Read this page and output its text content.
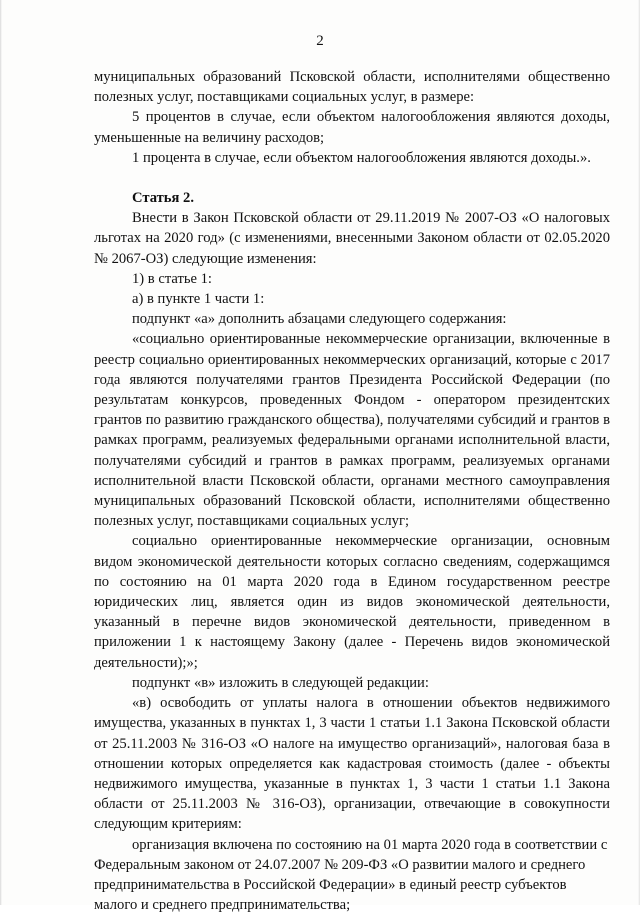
2

муниципальных образований Псковской области, исполнителями общественно полезных услуг, поставщиками социальных услуг, в размере:

5 процентов в случае, если объектом налогообложения являются доходы, уменьшенные на величину расходов;

1 процента в случае, если объектом налогообложения являются доходы.».

Статья 2.

Внести в Закон Псковской области от 29.11.2019 № 2007-ОЗ «О налоговых льготах на 2020 год» (с изменениями, внесенными Законом области от 02.05.2020 № 2067-ОЗ) следующие изменения:

1) в статье 1:

а) в пункте 1 части 1:

подпункт «а» дополнить абзацами следующего содержания:

«социально ориентированные некоммерческие организации, включенные в реестр социально ориентированных некоммерческих организаций, которые с 2017 года являются получателями грантов Президента Российской Федерации (по результатам конкурсов, проведенных Фондом - оператором президентских грантов по развитию гражданского общества), получателями субсидий и грантов в рамках программ, реализуемых федеральными органами исполнительной власти, получателями субсидий и грантов в рамках программ, реализуемых органами исполнительной власти Псковской области, органами местного самоуправления муниципальных образований Псковской области, исполнителями общественно полезных услуг, поставщиками социальных услуг;

социально ориентированные некоммерческие организации, основным видом экономической деятельности которых согласно сведениям, содержащимся по состоянию на 01 марта 2020 года в Едином государственном реестре юридических лиц, является один из видов экономической деятельности, указанный в перечне видов экономической деятельности, приведенном в приложении 1 к настоящему Закону (далее - Перечень видов экономической деятельности);»;

подпункт «в» изложить в следующей редакции:

«в) освободить от уплаты налога в отношении объектов недвижимого имущества, указанных в пунктах 1, 3 части 1 статьи 1.1 Закона Псковской области от 25.11.2003 № 316-ОЗ «О налоге на имущество организаций», налоговая база в отношении которых определяется как кадастровая стоимость (далее - объекты недвижимого имущества, указанные в пунктах 1, 3 части 1 статьи 1.1 Закона области от 25.11.2003 № 316-ОЗ), организации, отвечающие в совокупности следующим критериям:

организация включена по состоянию на 01 марта 2020 года в соответствии с Федеральным законом от 24.07.2007 № 209-ФЗ «О развитии малого и среднего предпринимательства в Российской Федерации» в единый реестр субъектов малого и среднего предпринимательства;
